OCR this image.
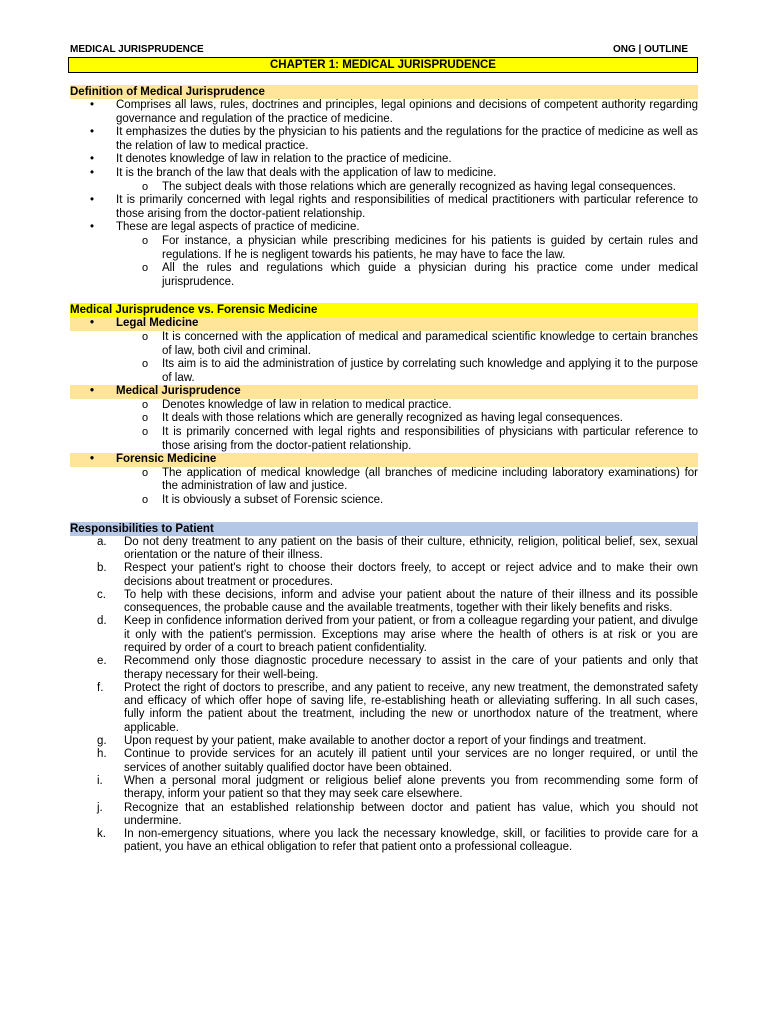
MEDICAL JURISPRUDENCE	ONG | OUTLINE
CHAPTER 1: MEDICAL JURISPRUDENCE
Definition of Medical Jurisprudence
• Comprises all laws, rules, doctrines and principles, legal opinions and decisions of competent authority regarding governance and regulation of the practice of medicine.
• It emphasizes the duties by the physician to his patients and the regulations for the practice of medicine as well as the relation of law to medical practice.
• It denotes knowledge of law in relation to the practice of medicine.
• It is the branch of the law that deals with the application of law to medicine.
o The subject deals with those relations which are generally recognized as having legal consequences.
• It is primarily concerned with legal rights and responsibilities of medical practitioners with particular reference to those arising from the doctor-patient relationship.
• These are legal aspects of practice of medicine.
o For instance, a physician while prescribing medicines for his patients is guided by certain rules and regulations. If he is negligent towards his patients, he may have to face the law.
o All the rules and regulations which guide a physician during his practice come under medical jurisprudence.
Medical Jurisprudence vs. Forensic Medicine
• Legal Medicine
o It is concerned with the application of medical and paramedical scientific knowledge to certain branches of law, both civil and criminal.
o Its aim is to aid the administration of justice by correlating such knowledge and applying it to the purpose of law.
• Medical Jurisprudence
o Denotes knowledge of law in relation to medical practice.
o It deals with those relations which are generally recognized as having legal consequences.
o It is primarily concerned with legal rights and responsibilities of physicians with particular reference to those arising from the doctor-patient relationship.
• Forensic Medicine
o The application of medical knowledge (all branches of medicine including laboratory examinations) for the administration of law and justice.
o It is obviously a subset of Forensic science.
Responsibilities to Patient
a. Do not deny treatment to any patient on the basis of their culture, ethnicity, religion, political belief, sex, sexual orientation or the nature of their illness.
b. Respect your patient's right to choose their doctors freely, to accept or reject advice and to make their own decisions about treatment or procedures.
c. To help with these decisions, inform and advise your patient about the nature of their illness and its possible consequences, the probable cause and the available treatments, together with their likely benefits and risks.
d. Keep in confidence information derived from your patient, or from a colleague regarding your patient, and divulge it only with the patient's permission. Exceptions may arise where the health of others is at risk or you are required by order of a court to breach patient confidentiality.
e. Recommend only those diagnostic procedure necessary to assist in the care of your patients and only that therapy necessary for their well-being.
f. Protect the right of doctors to prescribe, and any patient to receive, any new treatment, the demonstrated safety and efficacy of which offer hope of saving life, re-establishing heath or alleviating suffering. In all such cases, fully inform the patient about the treatment, including the new or unorthodox nature of the treatment, where applicable.
g. Upon request by your patient, make available to another doctor a report of your findings and treatment.
h. Continue to provide services for an acutely ill patient until your services are no longer required, or until the services of another suitably qualified doctor have been obtained.
i. When a personal moral judgment or religious belief alone prevents you from recommending some form of therapy, inform your patient so that they may seek care elsewhere.
j. Recognize that an established relationship between doctor and patient has value, which you should not undermine.
k. In non-emergency situations, where you lack the necessary knowledge, skill, or facilities to provide care for a patient, you have an ethical obligation to refer that patient onto a professional colleague.
